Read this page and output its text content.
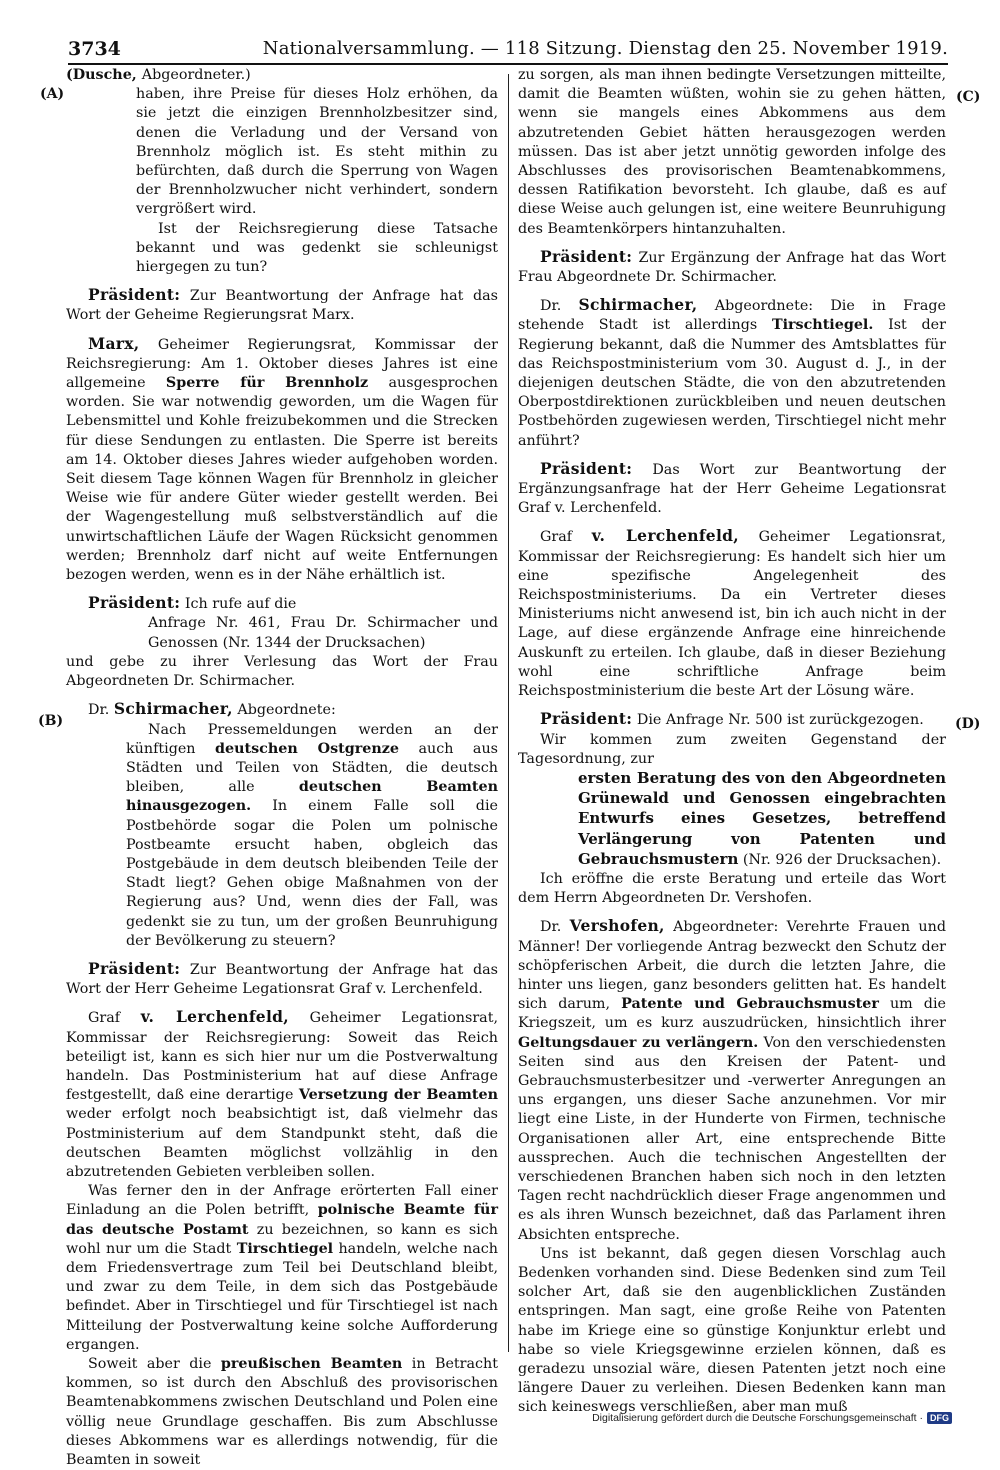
3734	Nationalversammlung. — 118 Sitzung. Dienstag den 25. November 1919.
(A)
(B)
(C)
(D)

(Dusche, Abgeordneter.)

haben, ihre Preise für dieses Holz erhöhen, da sie jetzt die einzigen Brennholzbesitzer sind, denen die Verladung und der Versand von Brennholz möglich ist. Es steht mithin zu befürchten, daß durch die Sperrung von Wagen der Brennholzwucher nicht verhindert, sondern vergrößert wird.

Ist der Reichsregierung diese Tatsache bekannt und was gedenkt sie schleunigst hiergegen zu tun?

Präsident: Zur Beantwortung der Anfrage hat das Wort der Geheime Regierungsrat Marx.

Marx, Geheimer Regierungsrat, Kommissar der Reichsregierung: Am 1. Oktober dieses Jahres ist eine allgemeine Sperre für Brennholz ausgesprochen worden. Sie war notwendig geworden, um die Wagen für Lebensmittel und Kohle freizubekommen und die Strecken für diese Sendungen zu entlasten. Die Sperre ist bereits am 14. Oktober dieses Jahres wieder aufgehoben worden. Seit diesem Tage können Wagen für Brennholz in gleicher Weise wie für andere Güter wieder gestellt werden. Bei der Wagengestellung muß selbstverständlich auf die unwirtschaftlichen Läufe der Wagen Rücksicht genommen werden; Brennholz darf nicht auf weite Entfernungen bezogen werden, wenn es in der Nähe erhältlich ist.

Präsident: Ich rufe auf die

Anfrage Nr. 461, Frau Dr. Schirmacher und Genossen (Nr. 1344 der Drucksachen)

und gebe zu ihrer Verlesung das Wort der Frau Abgeordneten Dr. Schirmacher.

Dr. Schirmacher, Abgeordnete:

Nach Pressemeldungen werden an der künftigen deutschen Ostgrenze auch aus Städten und Teilen von Städten, die deutsch bleiben, alle deutschen Beamten hinausgezogen. In einem Falle soll die Postbehörde sogar die Polen um polnische Postbeamte ersucht haben, obgleich das Postgebäude in dem deutsch bleibenden Teile der Stadt liegt? Gehen obige Maßnahmen von der Regierung aus? Und, wenn dies der Fall, was gedenkt sie zu tun, um der großen Beunruhigung der Bevölkerung zu steuern?

Präsident: Zur Beantwortung der Anfrage hat das Wort der Herr Geheime Legationsrat Graf v. Lerchenfeld.

Graf v. Lerchenfeld, Geheimer Legationsrat, Kommissar der Reichsregierung: Soweit das Reich beteiligt ist, kann es sich hier nur um die Postverwaltung handeln. Das Postministerium hat auf diese Anfrage festgestellt, daß eine derartige Versetzung der Beamten weder erfolgt noch beabsichtigt ist, daß vielmehr das Postministerium auf dem Standpunkt steht, daß die deutschen Beamten möglichst vollzählig in den abzutretenden Gebieten verbleiben sollen.

Was ferner den in der Anfrage erörterten Fall einer Einladung an die Polen betrifft, polnische Beamte für das deutsche Postamt zu bezeichnen, so kann es sich wohl nur um die Stadt Tirschtiegel handeln, welche nach dem Friedensvertrage zum Teil bei Deutschland bleibt, und zwar zu dem Teile, in dem sich das Postgebäude befindet. Aber in Tirschtiegel und für Tirschtiegel ist nach Mitteilung der Postverwaltung keine solche Aufforderung ergangen.

Soweit aber die preußischen Beamten in Betracht kommen, so ist durch den Abschluß des provisorischen Beamtenabkommens zwischen Deutschland und Polen eine völlig neue Grundlage geschaffen. Bis zum Abschlusse dieses Abkommens war es allerdings notwendig, für die Beamten in soweit

zu sorgen, als man ihnen bedingte Versetzungen mitteilte, damit die Beamten wüßten, wohin sie zu gehen hätten, wenn sie mangels eines Abkommens aus dem abzutretenden Gebiet hätten herausgezogen werden müssen. Das ist aber jetzt unnötig geworden infolge des Abschlusses des provisorischen Beamtenabkommens, dessen Ratifikation bevorsteht. Ich glaube, daß es auf diese Weise auch gelungen ist, eine weitere Beunruhigung des Beamtenkörpers hintanzuhalten.

Präsident: Zur Ergänzung der Anfrage hat das Wort Frau Abgeordnete Dr. Schirmacher.

Dr. Schirmacher, Abgeordnete: Die in Frage stehende Stadt ist allerdings Tirschtiegel. Ist der Regierung bekannt, daß die Nummer des Amtsblattes für das Reichspostministerium vom 30. August d. J., in der diejenigen deutschen Städte, die von den abzutretenden Oberpostdirektionen zurückbleiben und neuen deutschen Postbehörden zugewiesen werden, Tirschtiegel nicht mehr anführt?

Präsident: Das Wort zur Beantwortung der Ergänzungsanfrage hat der Herr Geheime Legationsrat Graf v. Lerchenfeld.

Graf v. Lerchenfeld, Geheimer Legationsrat, Kommissar der Reichsregierung: Es handelt sich hier um eine spezifische Angelegenheit des Reichspostministeriums. Da ein Vertreter dieses Ministeriums nicht anwesend ist, bin ich auch nicht in der Lage, auf diese ergänzende Anfrage eine hinreichende Auskunft zu erteilen. Ich glaube, daß in dieser Beziehung wohl eine schriftliche Anfrage beim Reichspostministerium die beste Art der Lösung wäre.

Präsident: Die Anfrage Nr. 500 ist zurückgezogen.

Wir kommen zum zweiten Gegenstand der Tagesordnung, zur

ersten Beratung des von den Abgeordneten Grünewald und Genossen eingebrachten Entwurfs eines Gesetzes, betreffend Verlängerung von Patenten und Gebrauchsmustern (Nr. 926 der Drucksachen).

Ich eröffne die erste Beratung und erteile das Wort dem Herrn Abgeordneten Dr. Vershofen.

Dr. Vershofen, Abgeordneter: Verehrte Frauen und Männer! Der vorliegende Antrag bezweckt den Schutz der schöpferischen Arbeit, die durch die letzten Jahre, die hinter uns liegen, ganz besonders gelitten hat. Es handelt sich darum, Patente und Gebrauchsmuster um die Kriegszeit, um es kurz auszudrücken, hinsichtlich ihrer Geltungsdauer zu verlängern. Von den verschiedensten Seiten sind aus den Kreisen der Patent- und Gebrauchsmusterbesitzer und -verwerter Anregungen an uns ergangen, uns dieser Sache anzunehmen. Vor mir liegt eine Liste, in der Hunderte von Firmen, technische Organisationen aller Art, eine entsprechende Bitte aussprechen. Auch die technischen Angestellten der verschiedenen Branchen haben sich noch in den letzten Tagen recht nachdrücklich dieser Frage angenommen und es als ihren Wunsch bezeichnet, daß das Parlament ihren Absichten entspreche.

Uns ist bekannt, daß gegen diesen Vorschlag auch Bedenken vorhanden sind. Diese Bedenken sind zum Teil solcher Art, daß sie den augenblicklichen Zuständen entspringen. Man sagt, eine große Reihe von Patenten habe im Kriege eine so günstige Konjunktur erlebt und habe so viele Kriegsgewinne erzielen können, daß es geradezu unsozial wäre, diesen Patenten jetzt noch eine längere Dauer zu verleihen. Diesen Bedenken kann man sich keineswegs verschließen, aber man muß

Digitalisierung gefördert durch die Deutsche Forschungsgemeinschaft · DFG
